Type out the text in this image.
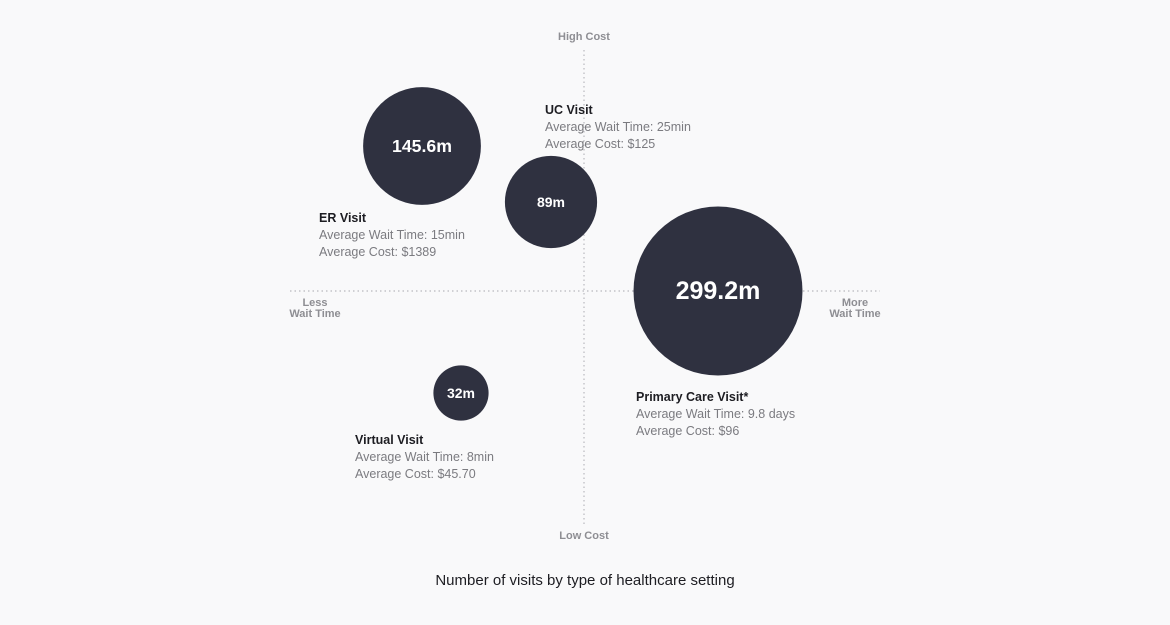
145.6m
89m
299.2m
32m
High Cost
Low Cost
Less
Wait Time
More
Wait Time
ER Visit
Average Wait Time: 15min
Average Cost: $1389
UC Visit
Average Wait Time: 25min
Average Cost: $125
Primary Care Visit*
Average Wait Time: 9.8 days
Average Cost: $96
Virtual Visit
Average Wait Time: 8min
Average Cost: $45.70
Number of visits by type of healthcare setting
